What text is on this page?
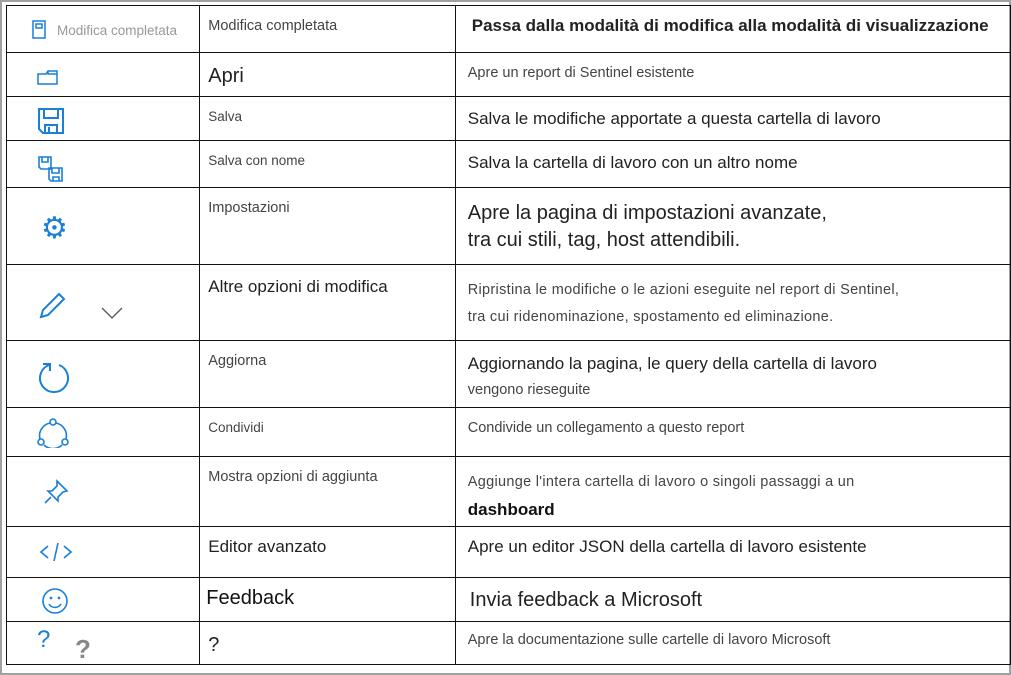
Modifica completata	Modifica completata	Passa dalla modalità di modifica alla modalità di visualizzazione

	Apri	Apre un report di Sentinel esistente

	Salva	Salva le modifiche apportate a questa cartella di lavoro

	Salva con nome	Salva la cartella di lavoro con un altro nome

⚙	Impostazioni	Apre la pagina di impostazioni avanzate,
tra cui stili, tag, host attendibili.

	Altre opzioni di modifica	Ripristina le modifiche o le azioni eseguite nel report di Sentinel,
tra cui ridenominazione, spostamento ed eliminazione.

	Aggiorna	Aggiornando la pagina, le query della cartella di lavoro
vengono rieseguite

	Condividi	Condivide un collegamento a questo report

	Mostra opzioni di aggiunta	Aggiunge l'intera cartella di lavoro o singoli passaggi a un
dashboard

	Editor avanzato	Apre un editor JSON della cartella di lavoro esistente

	Feedback	Invia feedback a Microsoft

? ?	?	Apre la documentazione sulle cartelle di lavoro Microsoft
